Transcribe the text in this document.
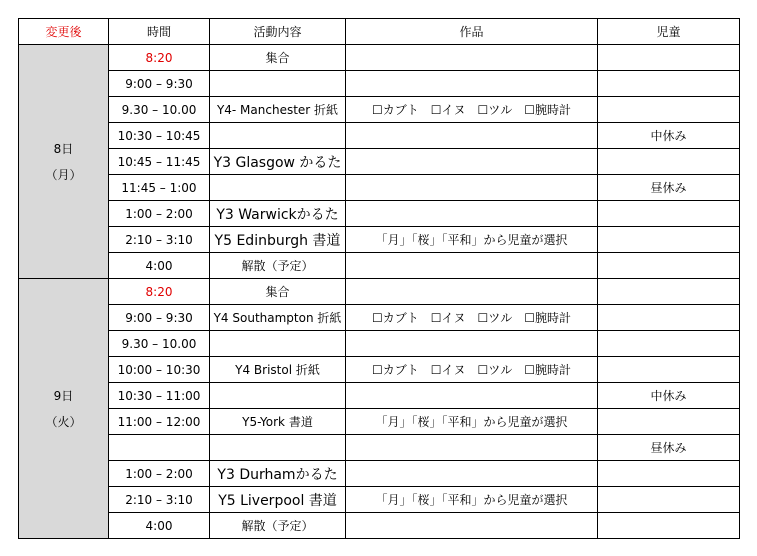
変更後	時間	活動内容	作品	児童

8日
（月）	8:20	集合		
	9:00 – 9:30			
	9.30 – 10.00	Y4- Manchester 折紙	☐カブト　☐イヌ　☐ツル　☐腕時計	
	10:30 – 10:45			中休み
	10:45 – 11:45	Y3 Glasgow かるた		
	11:45 – 1:00			昼休み
	1:00 – 2:00	Y3 Warwickかるた		
	2:10 – 3:10	Y5 Edinburgh 書道	「月」「桜」「平和」から児童が選択	
	4:00	解散（予定）		

9日
（火）	8:20	集合		
	9:00 – 9:30	Y4 Southampton 折紙	☐カブト　☐イヌ　☐ツル　☐腕時計	
	9.30 – 10.00			
	10:00 – 10:30	Y4 Bristol 折紙	☐カブト　☐イヌ　☐ツル　☐腕時計	
	10:30 – 11:00			中休み
	11:00 – 12:00	Y5-York 書道	「月」「桜」「平和」から児童が選択	
				昼休み
	1:00 – 2:00	Y3 Durhamかるた		
	2:10 – 3:10	Y5 Liverpool 書道	「月」「桜」「平和」から児童が選択	
	4:00	解散（予定）		
